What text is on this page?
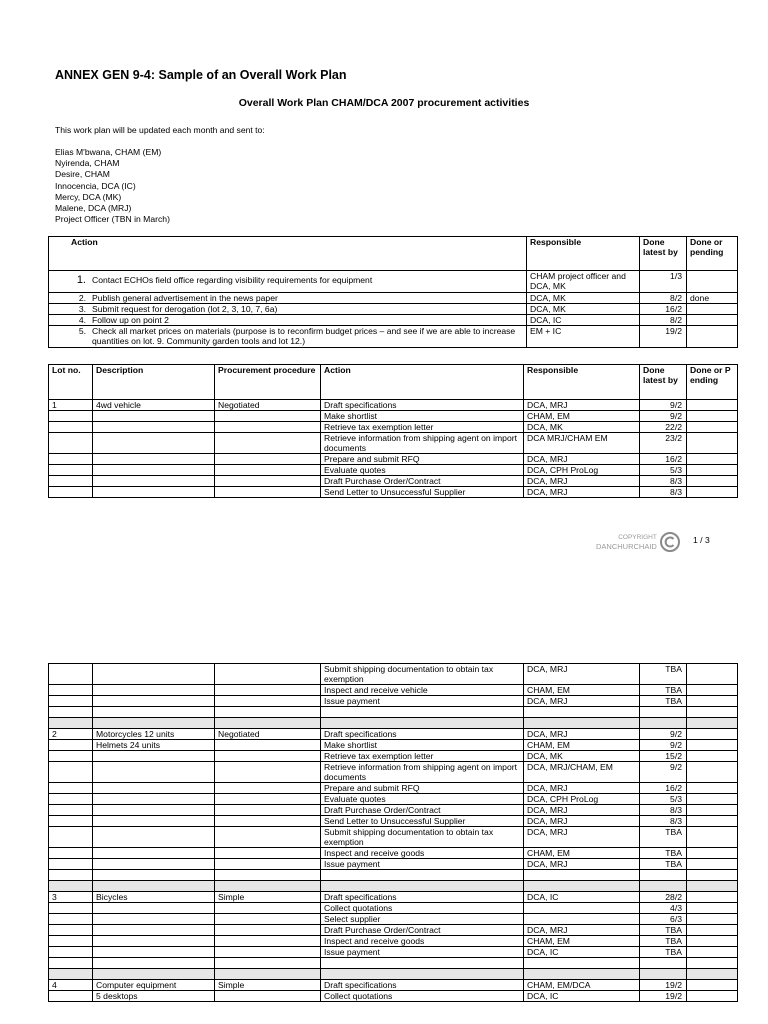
ANNEX GEN 9-4: Sample of an Overall Work Plan
Overall Work Plan CHAM/DCA 2007 procurement activities
This work plan will be updated each month and sent to:
Elias M'bwana, CHAM (EM)
Nyirenda, CHAM
Desire, CHAM
Innocencia, DCA (IC)
Mercy, DCA (MK)
Malene, DCA (MRJ)
Project Officer (TBN in March)
Action	Responsible	Done latest by	Done or pending
1. Contact ECHOs field office regarding visibility requirements for equipment	CHAM project officer and DCA, MK	1/3	
2. Publish general advertisement in the news paper	DCA, MK	8/2	done
3. Submit request for derogation (lot 2, 3, 10, 7, 6a)	DCA, MK	16/2	
4. Follow up on point 2	DCA, IC	8/2	

5. Check all market prices on materials (purpose is to reconfirm budget prices – and see if we are able to increase quantities on lot. 9. Community garden tools and lot 12.)	EM + IC	19/2	
Lot no.	Description	Procurement procedure	Action	Responsible	Done latest by	Done or Pending
1	4wd vehicle	Negotiated	Draft specifications	DCA, MRJ	9/2	
			Make shortlist	CHAM, EM	9/2	
			Retrieve tax exemption letter	DCA, MK	22/2	
			Retrieve information from shipping agent on import documents	DCA MRJ/CHAM EM	23/2	
			Prepare and submit RFQ	DCA, MRJ	16/2	
			Evaluate quotes	DCA, CPH ProLog	5/3	
			Draft Purchase Order/Contract	DCA, MRJ	8/3	
			Send Letter to Unsuccessful Supplier	DCA, MRJ	8/3	
COPYRIGHT
DANCHURCHAID
1 / 3
			Submit shipping documentation to obtain tax exemption	DCA, MRJ	TBA	
			Inspect and receive vehicle	CHAM, EM	TBA	
			Issue payment	DCA, MRJ	TBA	

2	Motorcycles 12 units	Negotiated	Draft specifications	DCA, MRJ	9/2	
	Helmets 24 units		Make shortlist	CHAM, EM	9/2	
			Retrieve tax exemption letter	DCA, MK	15/2	
			Retrieve information from shipping agent on import documents	DCA, MRJ/CHAM, EM	9/2	
			Prepare and submit RFQ	DCA, MRJ	16/2	
			Evaluate quotes	DCA, CPH ProLog	5/3	
			Draft Purchase Order/Contract	DCA, MRJ	8/3	
			Send Letter to Unsuccessful Supplier	DCA, MRJ	8/3	
			Submit shipping documentation to obtain tax exemption	DCA, MRJ	TBA	
			Inspect and receive goods	CHAM, EM	TBA	
			Issue payment	DCA, MRJ	TBA	

3	Bicycles	Simple	Draft specifications	DCA, IC	28/2	
			Collect quotations		4/3	
			Select supplier		6/3	
			Draft Purchase Order/Contract	DCA, MRJ	TBA	
			Inspect and receive goods	CHAM, EM	TBA	
			Issue payment	DCA, IC	TBA	

4	Computer equipment	Simple	Draft specifications	CHAM, EM/DCA	19/2	
	5 desktops		Collect quotations	DCA, IC	19/2	
